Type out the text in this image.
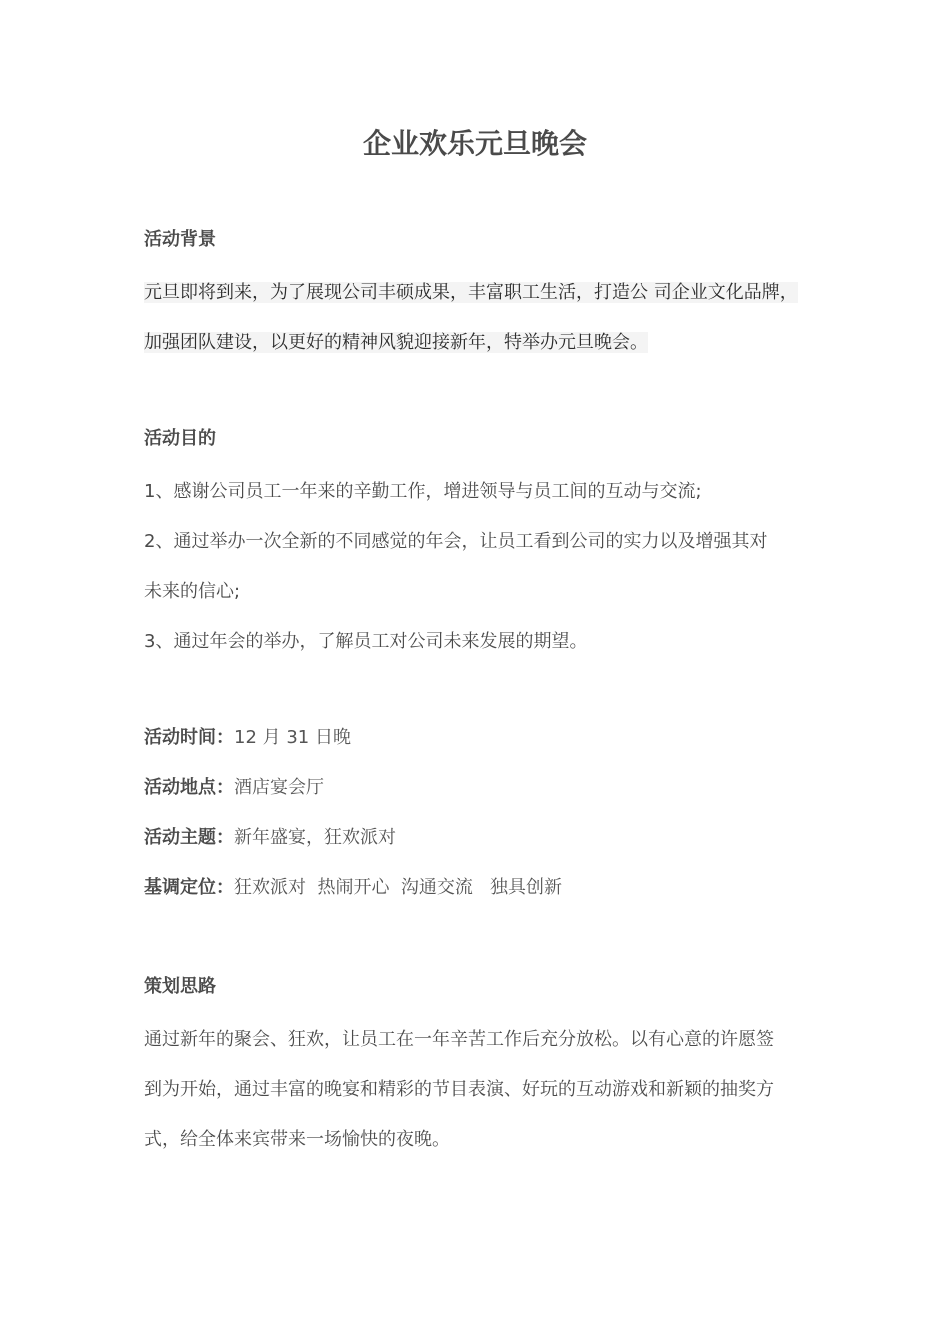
企业欢乐元旦晚会
活动背景
元旦即将到来，为了展现公司丰硕成果，丰富职工生活，打造公 司企业文化品牌，
加强团队建设，以更好的精神风貌迎接新年，特举办元旦晚会。
活动目的
1、感谢公司员工一年来的辛勤工作，增进领导与员工间的互动与交流;
2、通过举办一次全新的不同感觉的年会，让员工看到公司的实力以及增强其对
未来的信心;
3、通过年会的举办，了解员工对公司未来发展的期望。
活动时间：12 月 31 日晚
活动地点：酒店宴会厅
活动主题：新年盛宴，狂欢派对
基调定位：狂欢派对  热闹开心  沟通交流   独具创新
策划思路
通过新年的聚会、狂欢，让员工在一年辛苦工作后充分放松。以有心意的许愿签
到为开始，通过丰富的晚宴和精彩的节目表演、好玩的互动游戏和新颖的抽奖方
式，给全体来宾带来一场愉快的夜晚。
